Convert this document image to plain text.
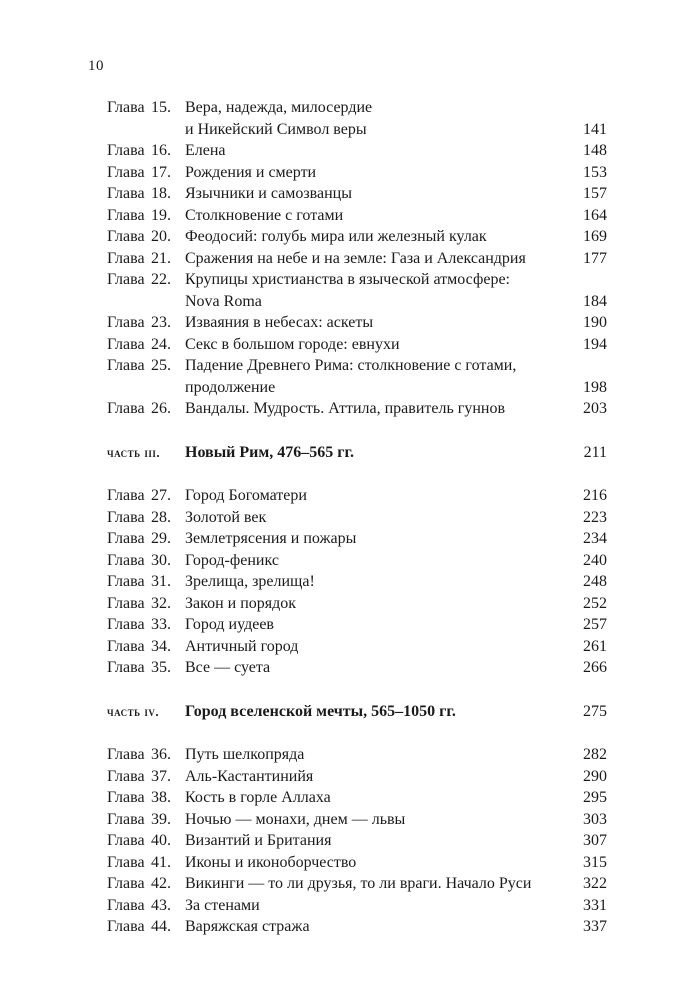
10
Глава 15. Вера, надежда, милосердие
и Никейский Символ веры	141
Глава 16. Елена	148
Глава 17. Рождения и смерти	153
Глава 18. Язычники и самозванцы	157
Глава 19. Столкновение с готами	164
Глава 20. Феодосий: голубь мира или железный кулак	169
Глава 21. Сражения на небе и на земле: Газа и Александрия	177
Глава 22. Крупицы христианства в языческой атмосфере:
Nova Roma	184
Глава 23. Изваяния в небесах: аскеты	190
Глава 24. Секс в большом городе: евнухи	194
Глава 25. Падение Древнего Рима: столкновение с готами,
продолжение	198
Глава 26. Вандалы. Мудрость. Аттила, правитель гуннов	203
часть iii.	Новый Рим, 476–565 гг.	211
Глава 27. Город Богоматери	216
Глава 28. Золотой век	223
Глава 29. Землетрясения и пожары	234
Глава 30. Город-феникс	240
Глава 31. Зрелища, зрелища!	248
Глава 32. Закон и порядок	252
Глава 33. Город иудеев	257
Глава 34. Античный город	261
Глава 35. Все — суета	266
часть iv.	Город вселенской мечты, 565–1050 гг.	275
Глава 36. Путь шелкопряда	282
Глава 37. Аль-Кастантинийя	290
Глава 38. Кость в горле Аллаха	295
Глава 39. Ночью — монахи, днем — львы	303
Глава 40. Византий и Британия	307
Глава 41. Иконы и иконоборчество	315
Глава 42. Викинги — то ли друзья, то ли враги. Начало Руси	322
Глава 43. За стенами	331
Глава 44. Варяжская стража	337
